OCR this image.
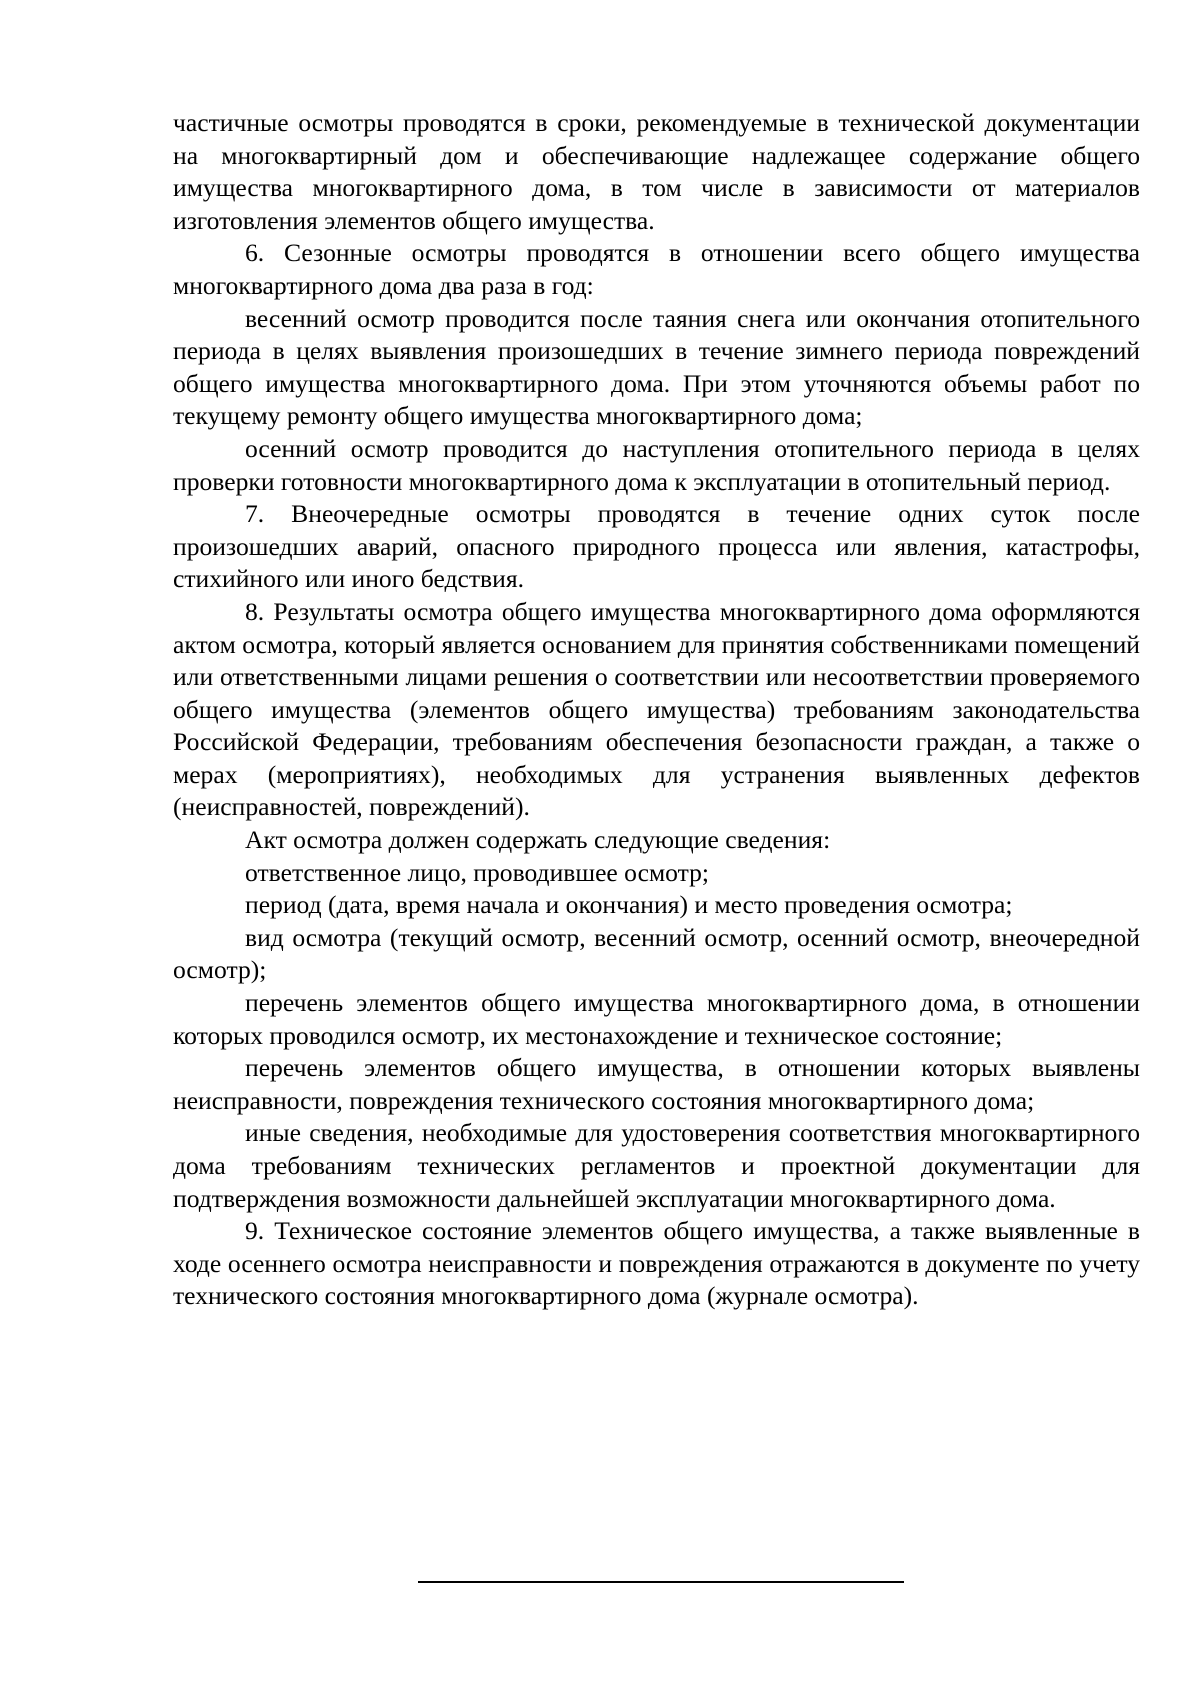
частичные осмотры проводятся в сроки, рекомендуемые в технической документации на многоквартирный дом и обеспечивающие надлежащее содержание общего имущества многоквартирного дома, в том числе в зависимости от материалов изготовления элементов общего имущества.

6. Сезонные осмотры проводятся в отношении всего общего имущества многоквартирного дома два раза в год:

весенний осмотр проводится после таяния снега или окончания отопительного периода в целях выявления произошедших в течение зимнего периода повреждений общего имущества многоквартирного дома. При этом уточняются объемы работ по текущему ремонту общего имущества многоквартирного дома;

осенний осмотр проводится до наступления отопительного периода в целях проверки готовности многоквартирного дома к эксплуатации в отопительный период.

7. Внеочередные осмотры проводятся в течение одних суток после произошедших аварий, опасного природного процесса или явления, катастрофы, стихийного или иного бедствия.

8. Результаты осмотра общего имущества многоквартирного дома оформляются актом осмотра, который является основанием для принятия собственниками помещений или ответственными лицами решения о соответствии или несоответствии проверяемого общего имущества (элементов общего имущества) требованиям законодательства Российской Федерации, требованиям обеспечения безопасности граждан, а также о мерах (мероприятиях), необходимых для устранения выявленных дефектов (неисправностей, повреждений).

Акт осмотра должен содержать следующие сведения:

ответственное лицо, проводившее осмотр;

период (дата, время начала и окончания) и место проведения осмотра;

вид осмотра (текущий осмотр, весенний осмотр, осенний осмотр, внеочередной осмотр);

перечень элементов общего имущества многоквартирного дома, в отношении которых проводился осмотр, их местонахождение и техническое состояние;

перечень элементов общего имущества, в отношении которых выявлены неисправности, повреждения технического состояния многоквартирного дома;

иные сведения, необходимые для удостоверения соответствия многоквартирного дома требованиям технических регламентов и проектной документации для подтверждения возможности дальнейшей эксплуатации многоквартирного дома.

9. Техническое состояние элементов общего имущества, а также выявленные в ходе осеннего осмотра неисправности и повреждения отражаются в документе по учету технического состояния многоквартирного дома (журнале осмотра).
